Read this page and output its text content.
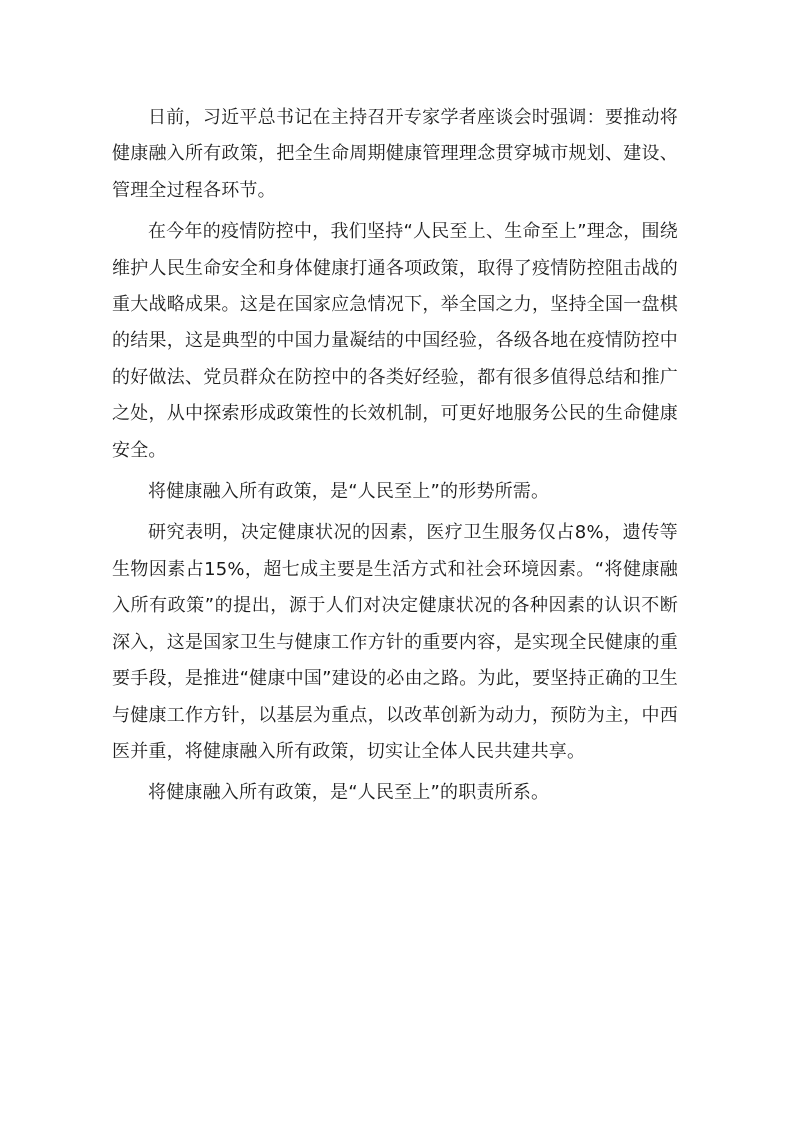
日前，习近平总书记在主持召开专家学者座谈会时强调：要推动将健康融入所有政策，把全生命周期健康管理理念贯穿城市规划、建设、管理全过程各环节。

在今年的疫情防控中，我们坚持“人民至上、生命至上”理念，围绕维护人民生命安全和身体健康打通各项政策，取得了疫情防控阻击战的重大战略成果。这是在国家应急情况下，举全国之力，坚持全国一盘棋的结果，这是典型的中国力量凝结的中国经验，各级各地在疫情防控中的好做法、党员群众在防控中的各类好经验，都有很多值得总结和推广之处，从中探索形成政策性的长效机制，可更好地服务公民的生命健康安全。

将健康融入所有政策，是“人民至上”的形势所需。

研究表明，决定健康状况的因素，医疗卫生服务仅占8%，遗传等生物因素占15%，超七成主要是生活方式和社会环境因素。“将健康融入所有政策”的提出，源于人们对决定健康状况的各种因素的认识不断深入，这是国家卫生与健康工作方针的重要内容，是实现全民健康的重要手段，是推进“健康中国”建设的必由之路。为此，要坚持正确的卫生与健康工作方针，以基层为重点，以改革创新为动力，预防为主，中西医并重，将健康融入所有政策，切实让全体人民共建共享。

将健康融入所有政策，是“人民至上”的职责所系。
